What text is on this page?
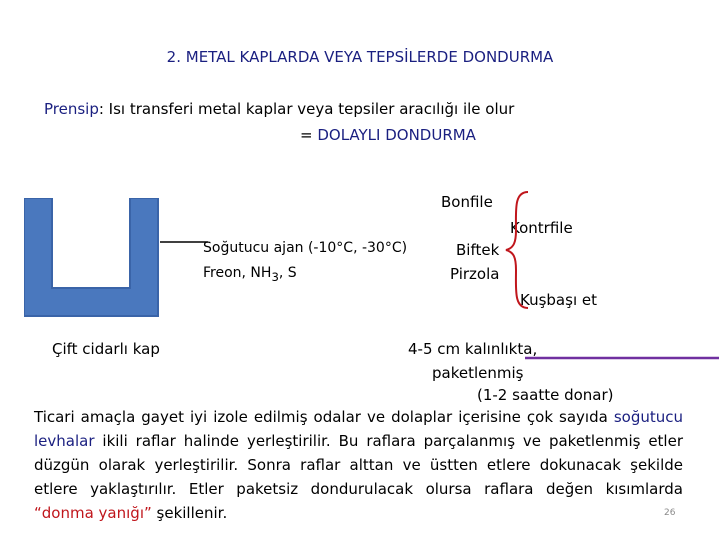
2. METAL KAPLARDA VEYA TEPSİLERDE DONDURMA
Prensip: Isı transferi metal kaplar veya tepsiler aracılığı ile olur
= DOLAYLI DONDURMA
Soğutucu ajan (-10°C, -30°C)
Freon, $NH_3$, S
Çift cidarlı kap
Bonfile
Kontrfile
Biftek
Pirzola
Kuşbaşı et
4-5 cm kalınlıkta,
paketlenmiş
(1-2 saatte donar)
Ticari amaçla gayet iyi izole edilmiş odalar ve dolaplar içerisine çok sayıda soğutucu levhalar ikili raflar halinde yerleştirilir. Bu raflara parçalanmış ve paketlenmiş etler düzgün olarak yerleştirilir. Sonra raflar alttan ve üstten etlere dokunacak şekilde etlere yaklaştırılır. Etler paketsiz dondurulacak olursa raflara değen kısımlarda “donma yanığı” şekillenir.	26
